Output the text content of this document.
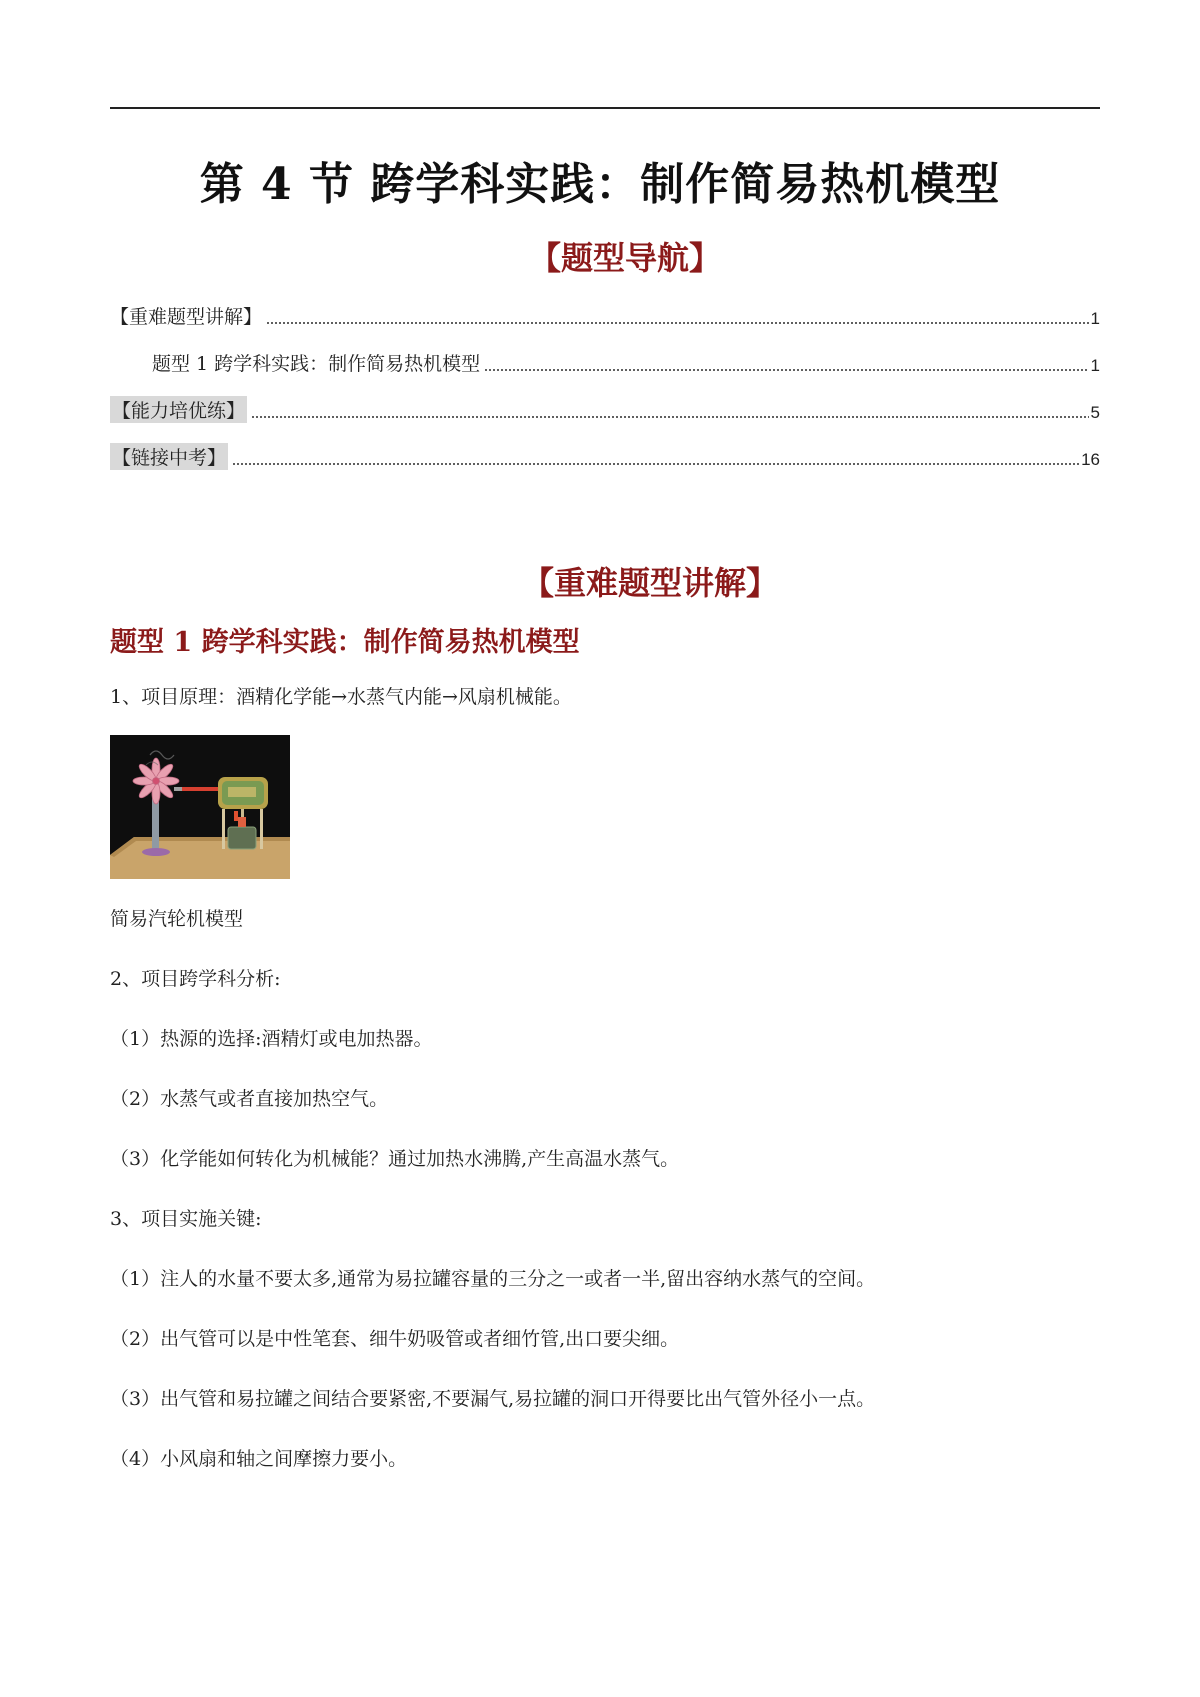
第 4 节 跨学科实践：制作简易热机模型
【题型导航】
【重难题型讲解】	1
题型 1 跨学科实践：制作简易热机模型	1
【能力培优练】	5
【链接中考】	16
【重难题型讲解】
题型 1 跨学科实践：制作简易热机模型
1、项目原理：酒精化学能→水蒸气内能→风扇机械能。
简易汽轮机模型
2、项目跨学科分析:
（1）热源的选择:酒精灯或电加热器。
（2）水蒸气或者直接加热空气。
（3）化学能如何转化为机械能？通过加热水沸腾,产生高温水蒸气。
3、项目实施关键:
（1）注人的水量不要太多,通常为易拉罐容量的三分之一或者一半,留出容纳水蒸气的空间。
（2）出气管可以是中性笔套、细牛奶吸管或者细竹管,出口要尖细。
（3）出气管和易拉罐之间结合要紧密,不要漏气,易拉罐的洞口开得要比出气管外径小一点。
（4）小风扇和轴之间摩擦力要小。
